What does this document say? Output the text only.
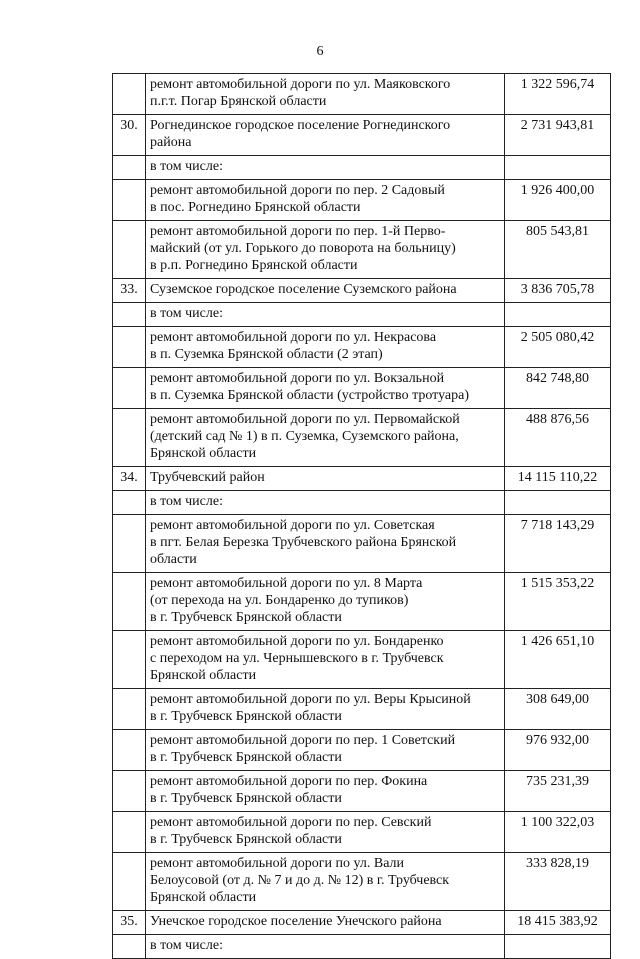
6
	ремонт автомобильной дороги по ул. Маяковского
п.г.т. Погар Брянской области	1 322 596,74
30.	Рогнединское городское поселение Рогнединского
района	2 731 943,81
	в том числе:	
	ремонт автомобильной дороги по пер. 2 Садовый
в пос. Рогнедино Брянской области	1 926 400,00
	ремонт автомобильной дороги по пер. 1-й Перво-
майский (от ул. Горького до поворота на больницу)
в р.п. Рогнедино Брянской области	805 543,81
33.	Суземское городское поселение Суземского района	3 836 705,78
	в том числе:	
	ремонт автомобильной дороги по ул. Некрасова
в п. Суземка Брянской области (2 этап)	2 505 080,42
	ремонт автомобильной дороги по ул. Вокзальной
в п. Суземка Брянской области (устройство тротуара)	842 748,80
	ремонт автомобильной дороги по ул. Первомайской
(детский сад № 1) в п. Суземка, Суземского района,
Брянской области	488 876,56
34.	Трубчевский район	14 115 110,22
	в том числе:	
	ремонт автомобильной дороги по ул. Советская
в пгт. Белая Березка Трубчевского района Брянской
области	7 718 143,29
	ремонт автомобильной дороги по ул. 8 Марта
(от перехода на ул. Бондаренко до тупиков)
в г. Трубчевск Брянской области	1 515 353,22
	ремонт автомобильной дороги по ул. Бондаренко
с переходом на ул. Чернышевского в г. Трубчевск
Брянской области	1 426 651,10
	ремонт автомобильной дороги по ул. Веры Крысиной
в г. Трубчевск Брянской области	308 649,00
	ремонт автомобильной дороги по пер. 1 Советский
в г. Трубчевск Брянской области	976 932,00
	ремонт автомобильной дороги по пер. Фокина
в г. Трубчевск Брянской области	735 231,39
	ремонт автомобильной дороги по пер. Севский
в г. Трубчевск Брянской области	1 100 322,03
	ремонт автомобильной дороги по ул. Вали
Белоусовой (от д. № 7 и до д. № 12) в г. Трубчевск
Брянской области	333 828,19
35.	Унечское городское поселение Унечского района	18 415 383,92
	в том числе:	
